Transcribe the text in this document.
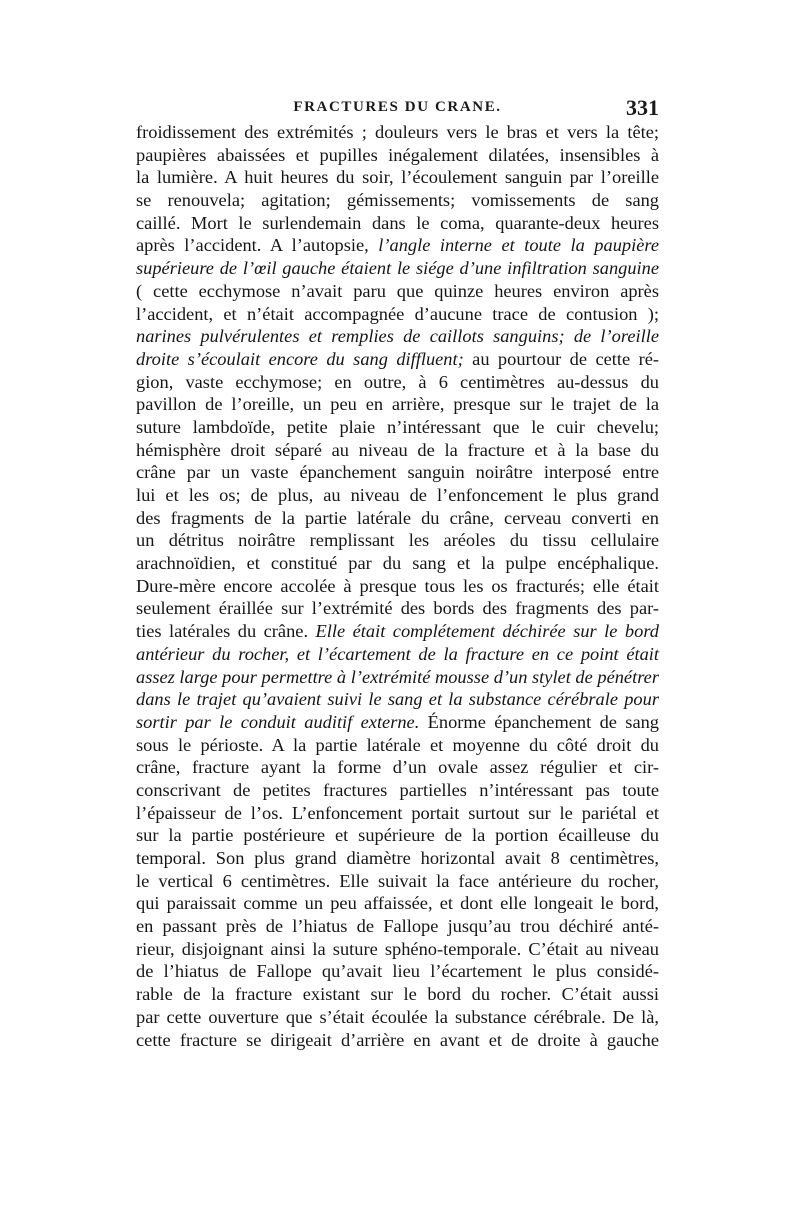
FRACTURES DU CRANE.	331
froidissement des extrémités ; douleurs vers le bras et vers la tête;
paupières abaissées et pupilles inégalement dilatées, insensibles à
la lumière. A huit heures du soir, l’écoulement sanguin par l’oreille
se renouvela; agitation; gémissements; vomissements de sang
caillé. Mort le surlendemain dans le coma, quarante-deux heures
après l’accident. A l’autopsie, l’angle interne et toute la paupière
supérieure de l’œil gauche étaient le siége d’une infiltration sanguine
( cette ecchymose n’avait paru que quinze heures environ après
l’accident, et n’était accompagnée d’aucune trace de contusion );
narines pulvérulentes et remplies de caillots sanguins; de l’oreille
droite s’écoulait encore du sang diffluent; au pourtour de cette ré-
gion, vaste ecchymose; en outre, à 6 centimètres au-dessus du
pavillon de l’oreille, un peu en arrière, presque sur le trajet de la
suture lambdoïde, petite plaie n’intéressant que le cuir chevelu;
hémisphère droit séparé au niveau de la fracture et à la base du
crâne par un vaste épanchement sanguin noirâtre interposé entre
lui et les os; de plus, au niveau de l’enfoncement le plus grand
des fragments de la partie latérale du crâne, cerveau converti en
un détritus noirâtre remplissant les aréoles du tissu cellulaire
arachnoïdien, et constitué par du sang et la pulpe encéphalique.
Dure-mère encore accolée à presque tous les os fracturés; elle était
seulement éraillée sur l’extrémité des bords des fragments des par-
ties latérales du crâne. Elle était complétement déchirée sur le bord
antérieur du rocher, et l’écartement de la fracture en ce point était
assez large pour permettre à l’extrémité mousse d’un stylet de pénétrer
dans le trajet qu’avaient suivi le sang et la substance cérébrale pour
sortir par le conduit auditif externe. Énorme épanchement de sang
sous le périoste. A la partie latérale et moyenne du côté droit du
crâne, fracture ayant la forme d’un ovale assez régulier et cir-
conscrivant de petites fractures partielles n’intéressant pas toute
l’épaisseur de l’os. L’enfoncement portait surtout sur le pariétal et
sur la partie postérieure et supérieure de la portion écailleuse du
temporal. Son plus grand diamètre horizontal avait 8 centimètres,
le vertical 6 centimètres. Elle suivait la face antérieure du rocher,
qui paraissait comme un peu affaissée, et dont elle longeait le bord,
en passant près de l’hiatus de Fallope jusqu’au trou déchiré anté-
rieur, disjoignant ainsi la suture sphéno-temporale. C’était au niveau
de l’hiatus de Fallope qu’avait lieu l’écartement le plus considé-
rable de la fracture existant sur le bord du rocher. C’était aussi
par cette ouverture que s’était écoulée la substance cérébrale. De là,
cette fracture se dirigeait d’arrière en avant et de droite à gauche
